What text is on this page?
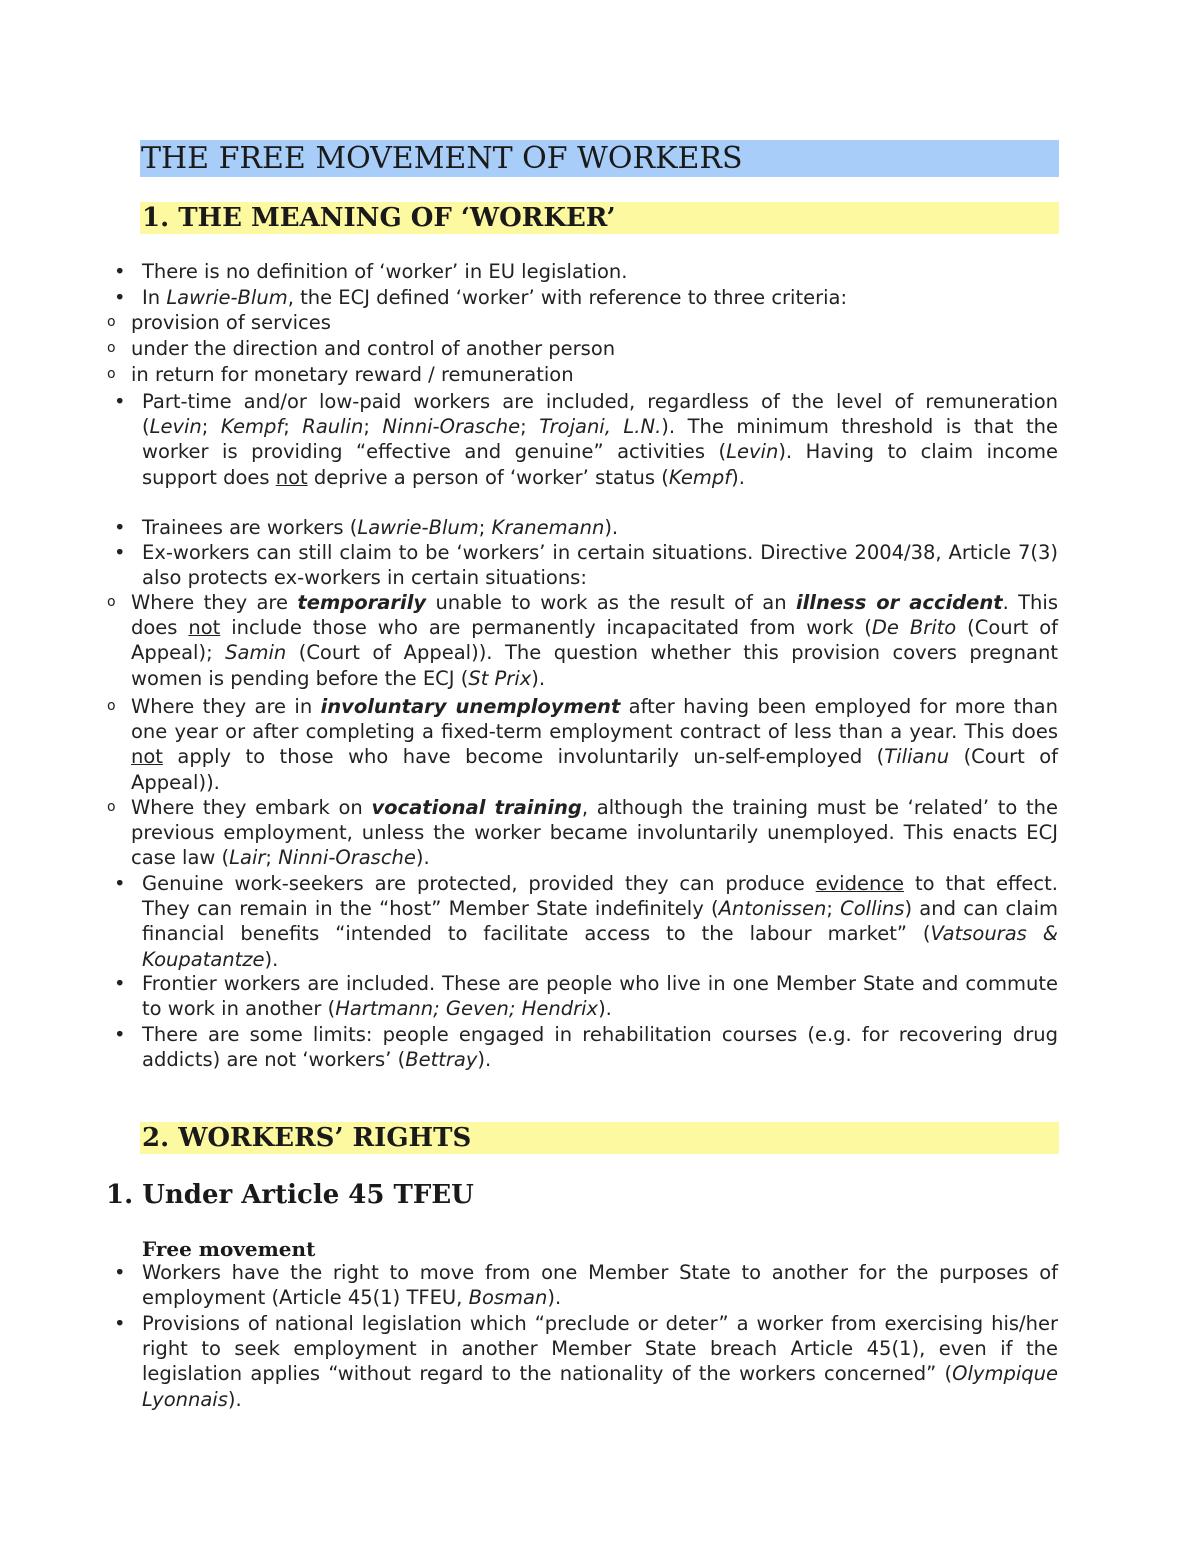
THE FREE MOVEMENT OF WORKERS
1. THE MEANING OF ‘WORKER’
• There is no definition of ‘worker’ in EU legislation.
• In Lawrie-Blum, the ECJ defined ‘worker’ with reference to three criteria:
o provision of services
o under the direction and control of another person
o in return for monetary reward / remuneration
• Part-time and/or low-paid workers are included, regardless of the level of remuneration (Levin; Kempf; Raulin; Ninni-Orasche; Trojani, L.N.). The minimum threshold is that the worker is providing “effective and genuine” activities (Levin). Having to claim income support does not deprive a person of ‘worker’ status (Kempf).
• Trainees are workers (Lawrie-Blum; Kranemann).
• Ex-workers can still claim to be ‘workers’ in certain situations. Directive 2004/38, Article 7(3) also protects ex-workers in certain situations:
o Where they are temporarily unable to work as the result of an illness or accident. This does not include those who are permanently incapacitated from work (De Brito (Court of Appeal); Samin (Court of Appeal)). The question whether this provision covers pregnant women is pending before the ECJ (St Prix).
o Where they are in involuntary unemployment after having been employed for more than one year or after completing a fixed-term employment contract of less than a year. This does not apply to those who have become involuntarily un-self-employed (Tilianu (Court of Appeal)).
o Where they embark on vocational training, although the training must be ‘related’ to the previous employment, unless the worker became involuntarily unemployed. This enacts ECJ case law (Lair; Ninni-Orasche).
• Genuine work-seekers are protected, provided they can produce evidence to that effect. They can remain in the “host” Member State indefinitely (Antonissen; Collins) and can claim financial benefits “intended to facilitate access to the labour market” (Vatsouras & Koupatantze).
• Frontier workers are included. These are people who live in one Member State and commute to work in another (Hartmann; Geven; Hendrix).
• There are some limits: people engaged in rehabilitation courses (e.g. for recovering drug addicts) are not ‘workers’ (Bettray).
2. WORKERS’ RIGHTS
1. Under Article 45 TFEU
Free movement
• Workers have the right to move from one Member State to another for the purposes of employment (Article 45(1) TFEU, Bosman).
• Provisions of national legislation which “preclude or deter” a worker from exercising his/her right to seek employment in another Member State breach Article 45(1), even if the legislation applies “without regard to the nationality of the workers concerned” (Olympique Lyonnais).
